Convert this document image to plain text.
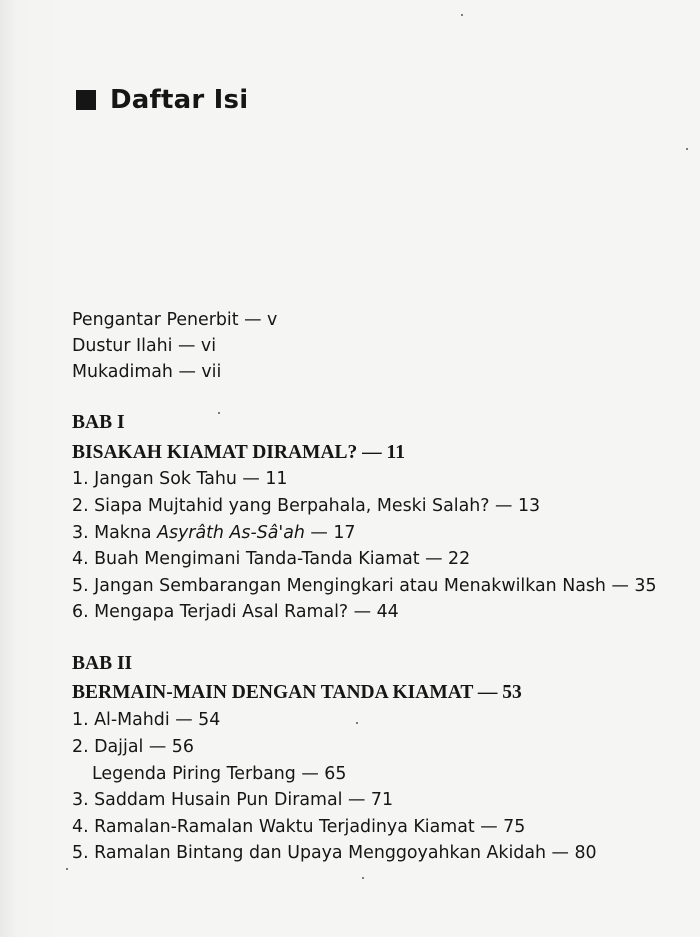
Daftar Isi
Pengantar Penerbit — v
Dustur Ilahi — vi
Mukadimah — vii
BAB I
BISAKAH KIAMAT DIRAMAL? — 11
1. Jangan Sok Tahu — 11
2. Siapa Mujtahid yang Berpahala, Meski Salah? — 13
3. Makna Asyrâth As-Sâ'ah — 17
4. Buah Mengimani Tanda-Tanda Kiamat — 22
5. Jangan Sembarangan Mengingkari atau Menakwilkan Nash — 35
6. Mengapa Terjadi Asal Ramal? — 44
BAB II
BERMAIN-MAIN DENGAN TANDA KIAMAT — 53
1. Al-Mahdi — 54
2. Dajjal — 56
Legenda Piring Terbang — 65
3. Saddam Husain Pun Diramal — 71
4. Ramalan-Ramalan Waktu Terjadinya Kiamat — 75
5. Ramalan Bintang dan Upaya Menggoyahkan Akidah — 80
